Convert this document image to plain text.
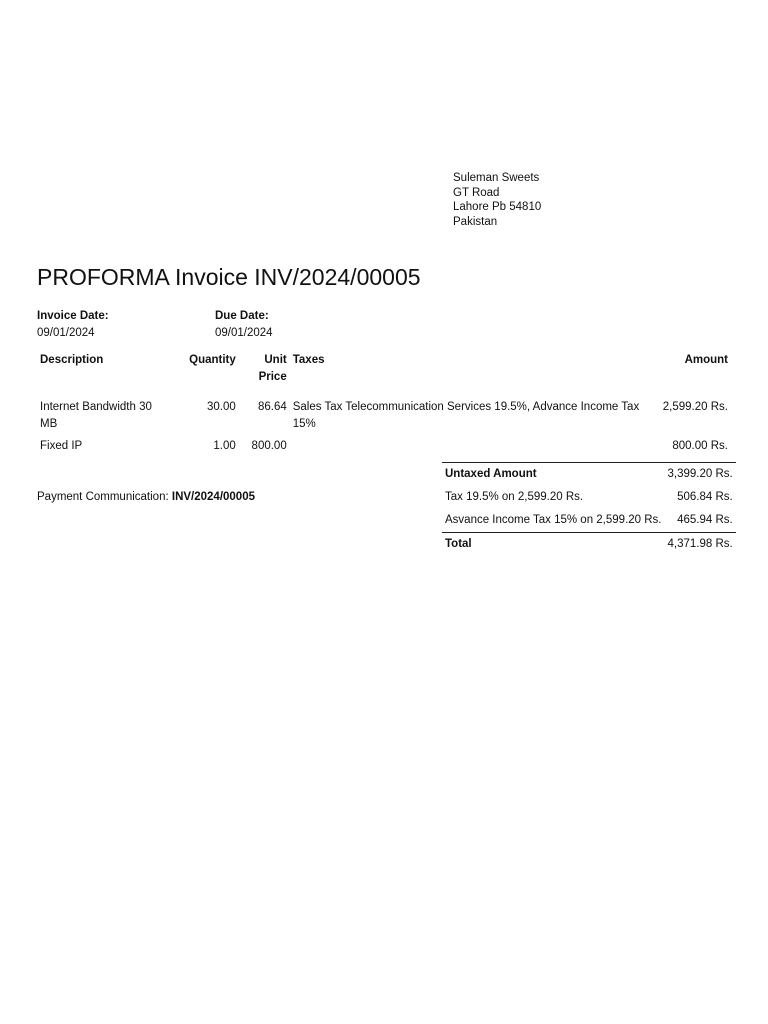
Suleman Sweets
GT Road
Lahore Pb 54810
Pakistan
PROFORMA Invoice INV/2024/00005
Invoice Date:
09/01/2024
Due Date:
09/01/2024
Description	Quantity	Unit Price	Taxes	Amount
Internet Bandwidth 30 MB	30.00	86.64	Sales Tax Telecommunication Services 19.5%, Advance Income Tax 15%	2,599.20 Rs.
Fixed IP	1.00	800.00		800.00 Rs.
Payment Communication: INV/2024/00005
Untaxed Amount	3,399.20 Rs.
Tax 19.5% on 2,599.20 Rs.	506.84 Rs.
Asvance Income Tax 15% on 2,599.20 Rs.	465.94 Rs.
Total	4,371.98 Rs.
